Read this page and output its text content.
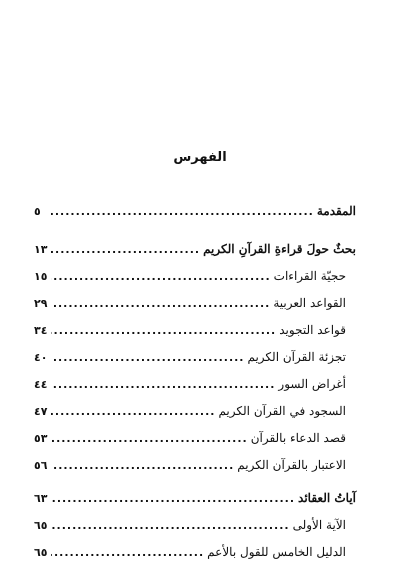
الفهرس
المقدمة
.....
٥
بحثٌ حولَ قراءةِ القرآنِ الكريم
.....
١٣
حجيّة القراءات
.....
١٥
القواعد العربية
.....
٢٩
قواعد التجويد
.....
٣٤
تجزئة القرآن الكريم
.....
٤٠
أغراض السور
.....
٤٤
السجود في القرآن الكريم
.....
٤٧
قصد الدعاء بالقرآن
.....
٥٣
الاعتبار بالقرآن الكريم
.....
٥٦
آياتُ العقائد
.....
٦٣
الآية الأولى
.....
٦٥
الدليل الخامس للقول بالأعم
.....
٦٥
